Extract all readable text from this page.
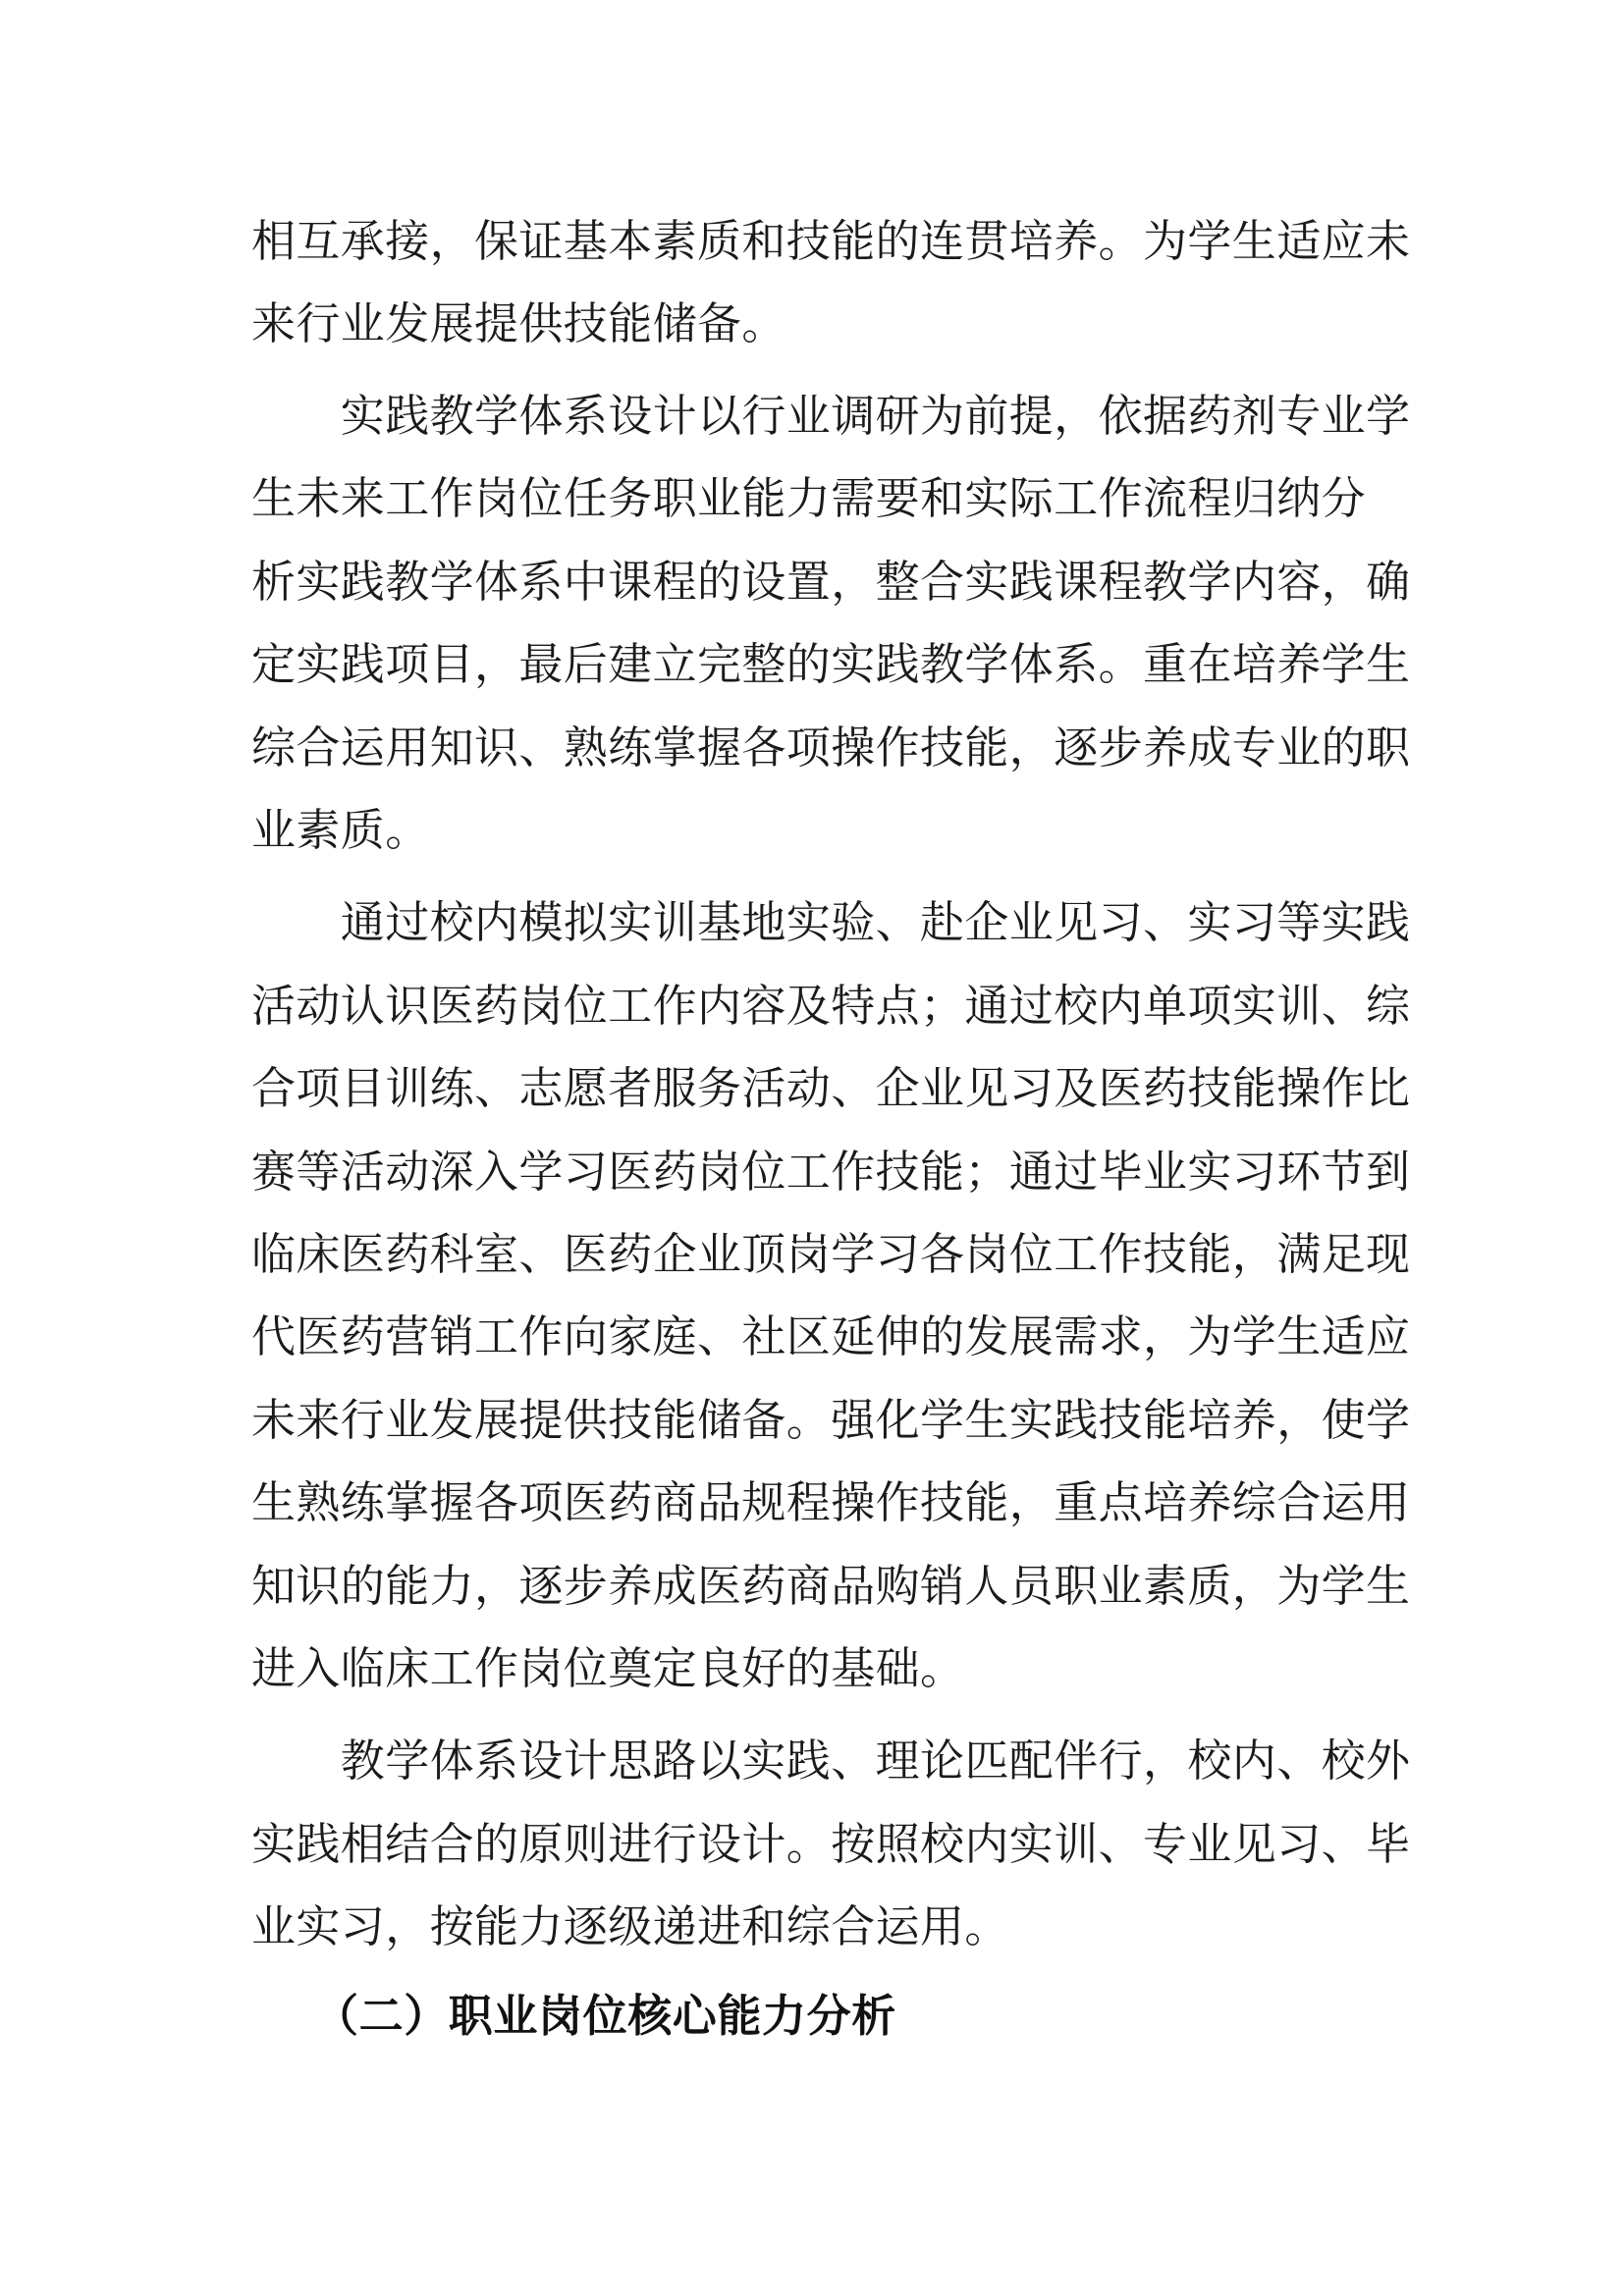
相互承接，保证基本素质和技能的连贯培养。为学生适应未
来行业发展提供技能储备。
　　实践教学体系设计以行业调研为前提，依据药剂专业学
生未来工作岗位任务职业能力需要和实际工作流程归纳分
析实践教学体系中课程的设置，整合实践课程教学内容，确
定实践项目，最后建立完整的实践教学体系。重在培养学生
综合运用知识、熟练掌握各项操作技能，逐步养成专业的职
业素质。
　　通过校内模拟实训基地实验、赴企业见习、实习等实践
活动认识医药岗位工作内容及特点；通过校内单项实训、综
合项目训练、志愿者服务活动、企业见习及医药技能操作比
赛等活动深入学习医药岗位工作技能；通过毕业实习环节到
临床医药科室、医药企业顶岗学习各岗位工作技能，满足现
代医药营销工作向家庭、社区延伸的发展需求，为学生适应
未来行业发展提供技能储备。强化学生实践技能培养，使学
生熟练掌握各项医药商品规程操作技能，重点培养综合运用
知识的能力，逐步养成医药商品购销人员职业素质，为学生
进入临床工作岗位奠定良好的基础。
　　教学体系设计思路以实践、理论匹配伴行，校内、校外
实践相结合的原则进行设计。按照校内实训、专业见习、毕
业实习，按能力逐级递进和综合运用。
（二）职业岗位核心能力分析
